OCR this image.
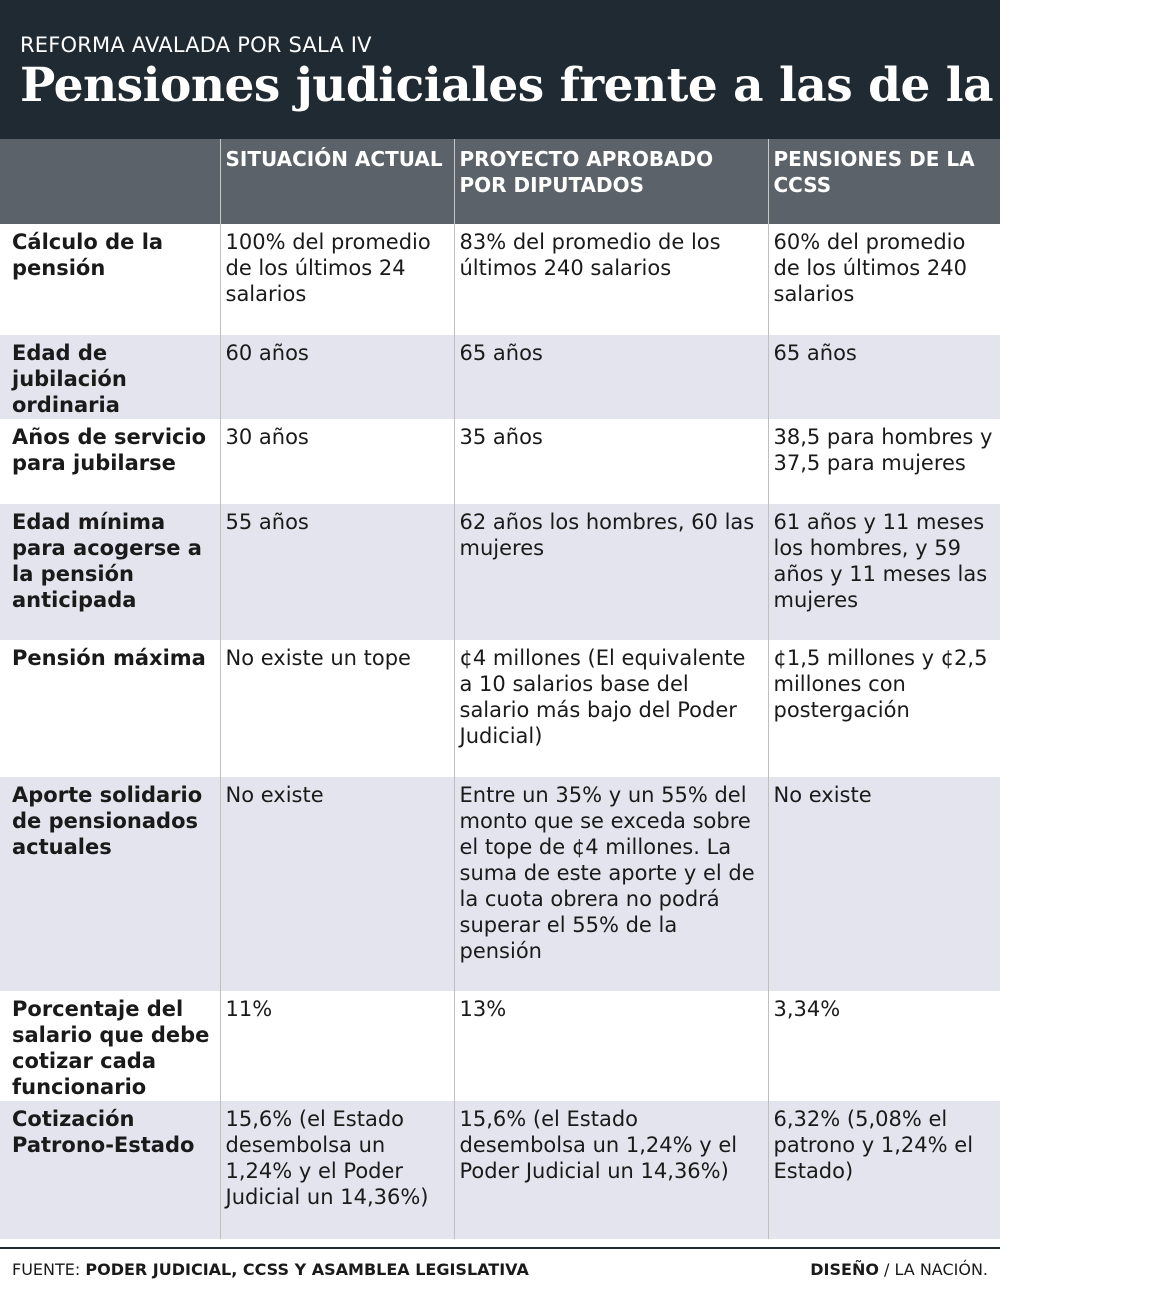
REFORMA AVALADA POR SALA IV
Pensiones judiciales frente a las de la CCSS
	SITUACIÓN ACTUAL	PROYECTO APROBADO POR DIPUTADOS	PENSIONES DE LA CCSS
Cálculo de la pensión	100% del promedio de los últimos 24 salarios	83% del promedio de los últimos 240 salarios	60% del promedio de los últimos 240 salarios
Edad de jubilación ordinaria	60 años	65 años	65 años
Años de servicio para jubilarse	30 años	35 años	38,5 para hombres y 37,5 para mujeres
Edad mínima para acogerse a la pensión anticipada	55 años	62 años los hombres, 60 las mujeres	61 años y 11 meses los hombres, y 59 años y 11 meses las mujeres
Pensión máxima	No existe un tope	¢4 millones (El equivalente a 10 salarios base del salario más bajo del Poder Judicial)	¢1,5 millones y ¢2,5 millones con postergación
Aporte solidario de pensionados actuales	No existe	Entre un 35% y un 55% del monto que se exceda sobre el tope de ¢4 millones. La suma de este aporte y el de la cuota obrera no podrá superar el 55% de la pensión	No existe
Porcentaje del salario que debe cotizar cada funcionario	11%	13%	3,34%
Cotización Patrono-Estado	15,6% (el Estado desembolsa un 1,24% y el Poder Judicial un 14,36%)	15,6% (el Estado desembolsa un 1,24% y el Poder Judicial un 14,36%)	6,32% (5,08% el patrono y 1,24% el Estado)
FUENTE: PODER JUDICIAL, CCSS Y ASAMBLEA LEGISLATIVA	DISEÑO / LA NACIÓN.
